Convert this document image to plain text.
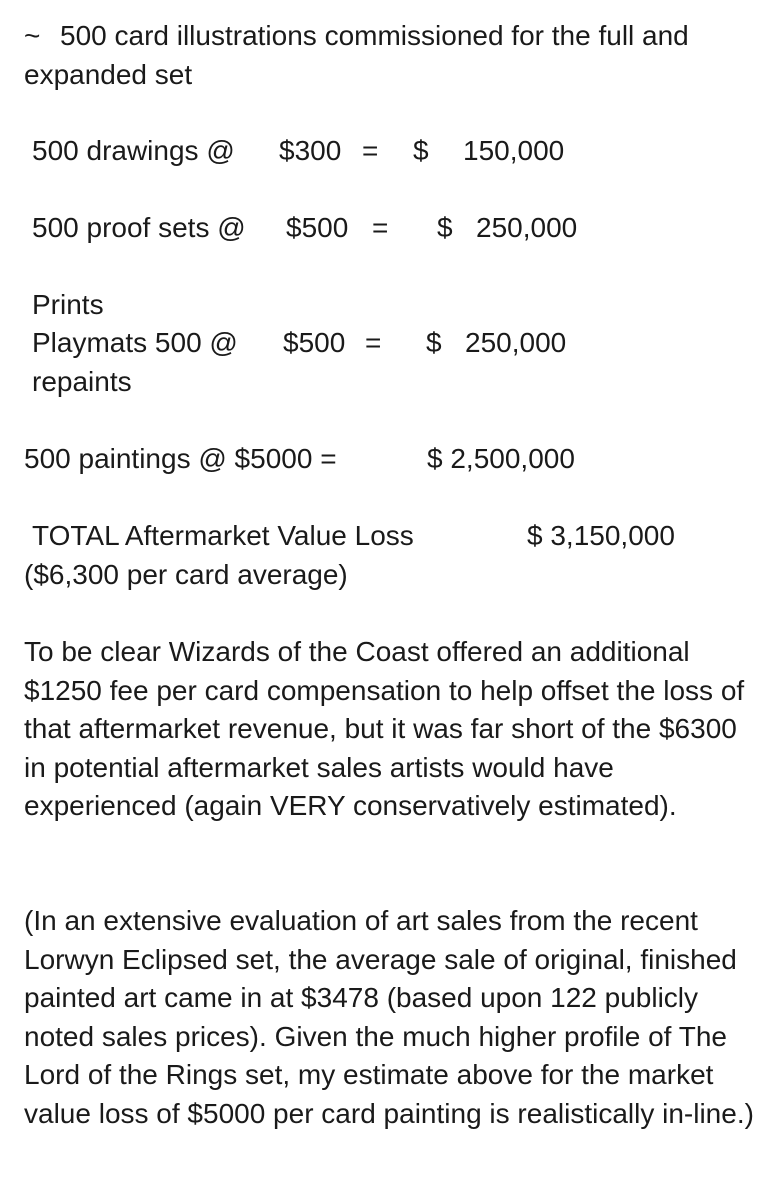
~ 500 card illustrations commissioned for the full and expanded set
500 drawings @ $300 = $ 150,000
500 proof sets @ $500 = $ 250,000
Prints
Playmats 500 @ $500 = $ 250,000
repaints
500 paintings @ $5000 =	$ 2,500,000
TOTAL Aftermarket Value Loss	$ 3,150,000
($6,300 per card average)
To be clear Wizards of the Coast offered an additional $1250 fee per card compensation to help offset the loss of that aftermarket revenue, but it was far short of the $6300 in potential aftermarket sales artists would have experienced (again VERY conservatively estimated).
(In an extensive evaluation of art sales from the recent Lorwyn Eclipsed set, the average sale of original, finished painted art came in at $3478 (based upon 122 publicly noted sales prices). Given the much higher profile of The Lord of the Rings set, my estimate above for the market value loss of $5000 per card painting is realistically in-line.)
